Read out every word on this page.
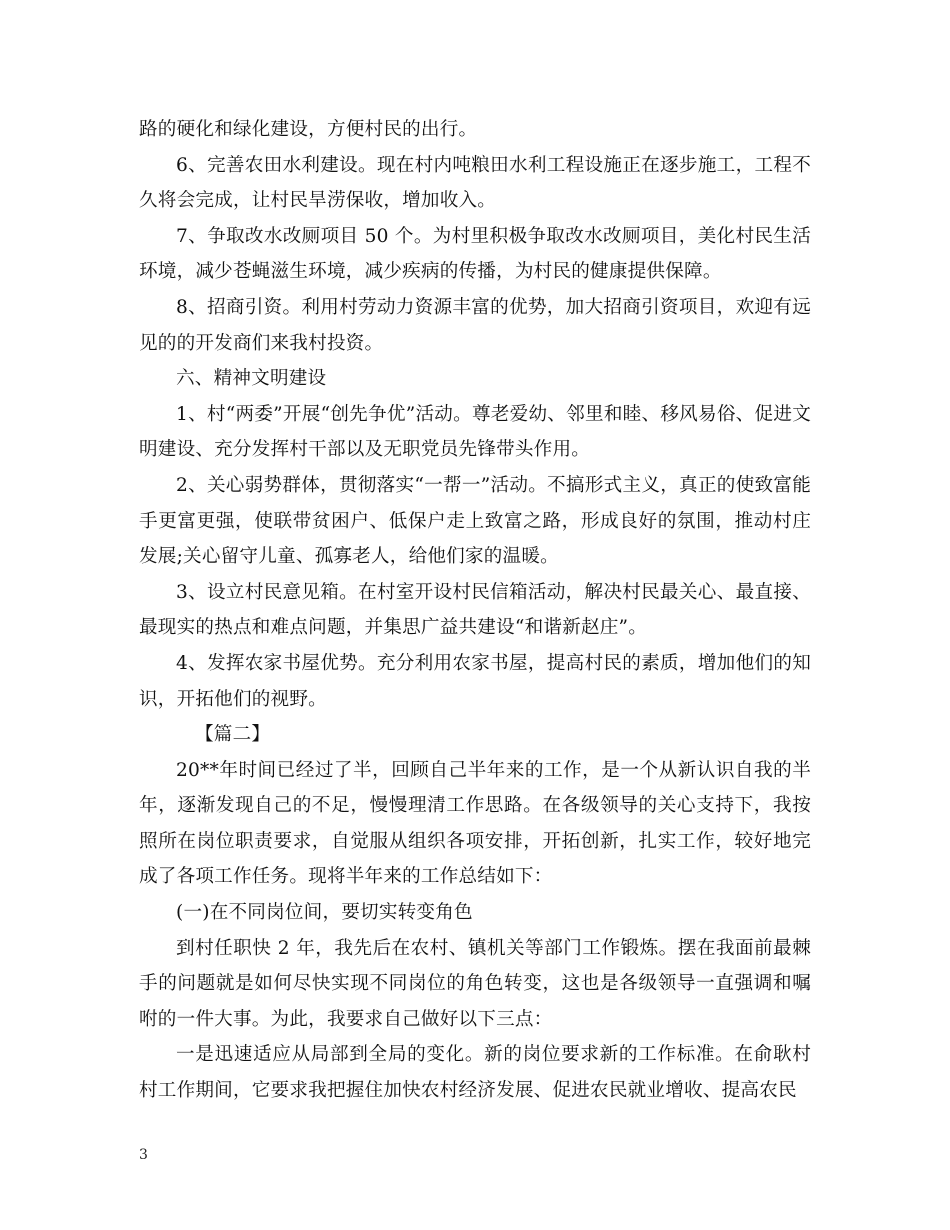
路的硬化和绿化建设，方便村民的出行。

6、完善农田水利建设。现在村内吨粮田水利工程设施正在逐步施工，工程不久将会完成，让村民旱涝保收，增加收入。

7、争取改水改厕项目 50 个。为村里积极争取改水改厕项目，美化村民生活环境，减少苍蝇滋生环境，减少疾病的传播，为村民的健康提供保障。

8、招商引资。利用村劳动力资源丰富的优势，加大招商引资项目，欢迎有远见的的开发商们来我村投资。

六、精神文明建设

1、村“两委”开展“创先争优”活动。尊老爱幼、邻里和睦、移风易俗、促进文明建设、充分发挥村干部以及无职党员先锋带头作用。

2、关心弱势群体，贯彻落实“一帮一”活动。不搞形式主义，真正的使致富能手更富更强，使联带贫困户、低保户走上致富之路，形成良好的氛围，推动村庄发展;关心留守儿童、孤寡老人，给他们家的温暖。

3、设立村民意见箱。在村室开设村民信箱活动，解决村民最关心、最直接、最现实的热点和难点问题，并集思广益共建设“和谐新赵庄”。

4、发挥农家书屋优势。充分利用农家书屋，提高村民的素质，增加他们的知识，开拓他们的视野。

【篇二】

20**年时间已经过了半，回顾自己半年来的工作，是一个从新认识自我的半年，逐渐发现自己的不足，慢慢理清工作思路。在各级领导的关心支持下，我按照所在岗位职责要求，自觉服从组织各项安排，开拓创新，扎实工作，较好地完成了各项工作任务。现将半年来的工作总结如下：

(一)在不同岗位间，要切实转变角色

到村任职快 2 年，我先后在农村、镇机关等部门工作锻炼。摆在我面前最棘手的问题就是如何尽快实现不同岗位的角色转变，这也是各级领导一直强调和嘱咐的一件大事。为此，我要求自己做好以下三点：

一是迅速适应从局部到全局的变化。新的岗位要求新的工作标准。在俞耿村村工作期间，它要求我把握住加快农村经济发展、促进农民就业增收、提高农民

3
